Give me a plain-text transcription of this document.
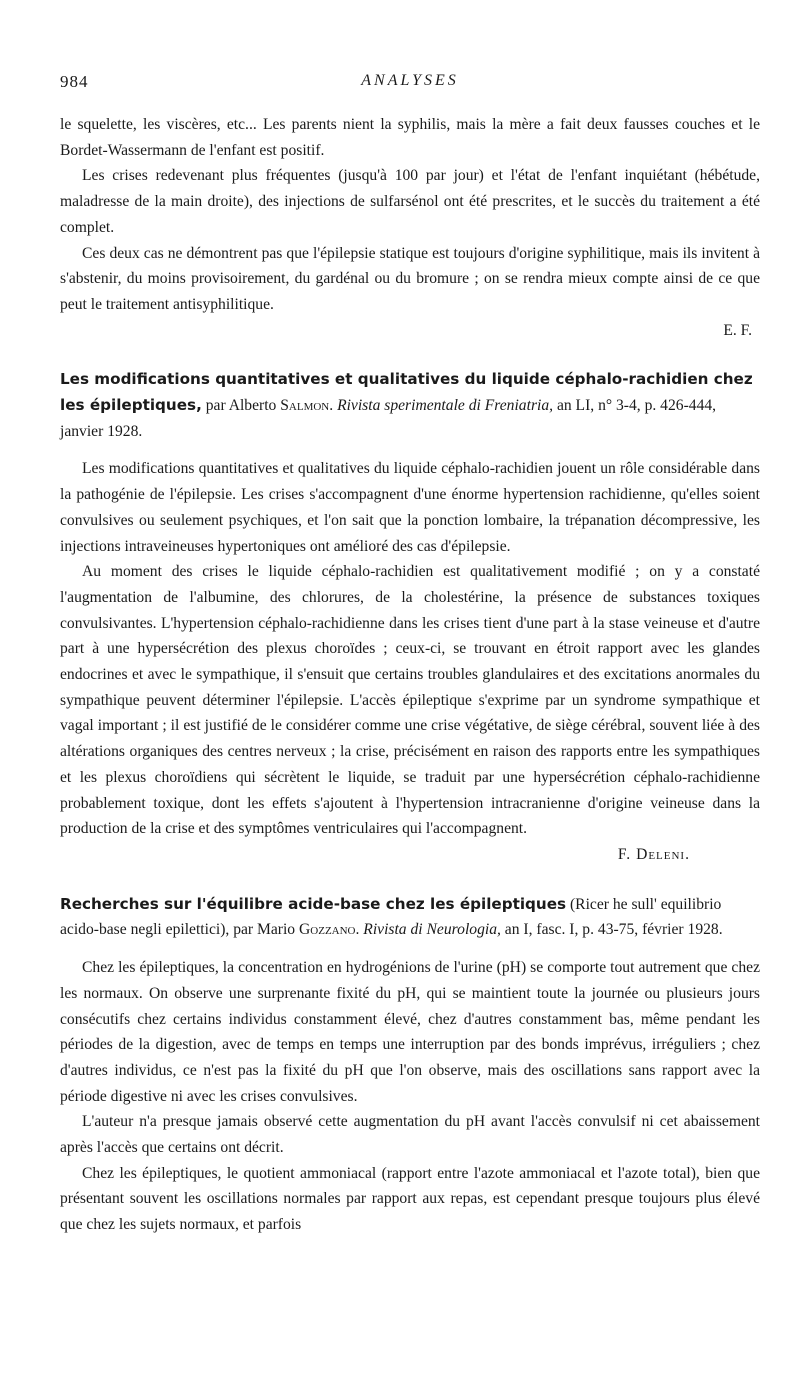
984	ANALYSES

le squelette, les viscères, etc... Les parents nient la syphilis, mais la mère a fait deux fausses couches et le Bordet-Wassermann de l'enfant est positif.

Les crises redevenant plus fréquentes (jusqu'à 100 par jour) et l'état de l'enfant inquiétant (hébétude, maladresse de la main droite), des injections de sulfarsénol ont été prescrites, et le succès du traitement a été complet.

Ces deux cas ne démontrent pas que l'épilepsie statique est toujours d'origine syphilitique, mais ils invitent à s'abstenir, du moins provisoirement, du gardénal ou du bromure ; on se rendra mieux compte ainsi de ce que peut le traitement antisyphilitique.

E. F.
Les modifications quantitatives et qualitatives du liquide céphalo-rachidien chez les épileptiques, par Alberto Salmon. Rivista sperimentale di Freniatria, an LI, n° 3-4, p. 426-444, janvier 1928.

Les modifications quantitatives et qualitatives du liquide céphalo-rachidien jouent un rôle considérable dans la pathogénie de l'épilepsie. Les crises s'accompagnent d'une énorme hypertension rachidienne, qu'elles soient convulsives ou seulement psychiques, et l'on sait que la ponction lombaire, la trépanation décompressive, les injections intraveineuses hypertoniques ont amélioré des cas d'épilepsie.

Au moment des crises le liquide céphalo-rachidien est qualitativement modifié ; on y a constaté l'augmentation de l'albumine, des chlorures, de la cholestérine, la présence de substances toxiques convulsivantes. L'hypertension céphalo-rachidienne dans les crises tient d'une part à la stase veineuse et d'autre part à une hypersécrétion des plexus choroïdes ; ceux-ci, se trouvant en étroit rapport avec les glandes endocrines et avec le sympathique, il s'ensuit que certains troubles glandulaires et des excitations anormales du sympathique peuvent déterminer l'épilepsie. L'accès épileptique s'exprime par un syndrome sympathique et vagal important ; il est justifié de le considérer comme une crise végétative, de siège cérébral, souvent liée à des altérations organiques des centres nerveux ; la crise, précisément en raison des rapports entre les sympathiques et les plexus choroïdiens qui sécrètent le liquide, se traduit par une hypersécrétion céphalo-rachidienne probablement toxique, dont les effets s'ajoutent à l'hypertension intracranienne d'origine veineuse dans la production de la crise et des symptômes ventriculaires qui l'accompagnent.

F. Deleni.
Recherches sur l'équilibre acide-base chez les épileptiques (Ricer he sull' equilibrio acido-base negli epilettici), par Mario Gozzano. Rivista di Neurologia, an I, fasc. I, p. 43-75, février 1928.

Chez les épileptiques, la concentration en hydrogénions de l'urine (pH) se comporte tout autrement que chez les normaux. On observe une surprenante fixité du pH, qui se maintient toute la journée ou plusieurs jours consécutifs chez certains individus constamment élevé, chez d'autres constamment bas, même pendant les périodes de la digestion, avec de temps en temps une interruption par des bonds imprévus, irréguliers ; chez d'autres individus, ce n'est pas la fixité du pH que l'on observe, mais des oscillations sans rapport avec la période digestive ni avec les crises convulsives.

L'auteur n'a presque jamais observé cette augmentation du pH avant l'accès convulsif ni cet abaissement après l'accès que certains ont décrit.

Chez les épileptiques, le quotient ammoniacal (rapport entre l'azote ammoniacal et l'azote total), bien que présentant souvent les oscillations normales par rapport aux repas, est cependant presque toujours plus élevé que chez les sujets normaux, et parfois
